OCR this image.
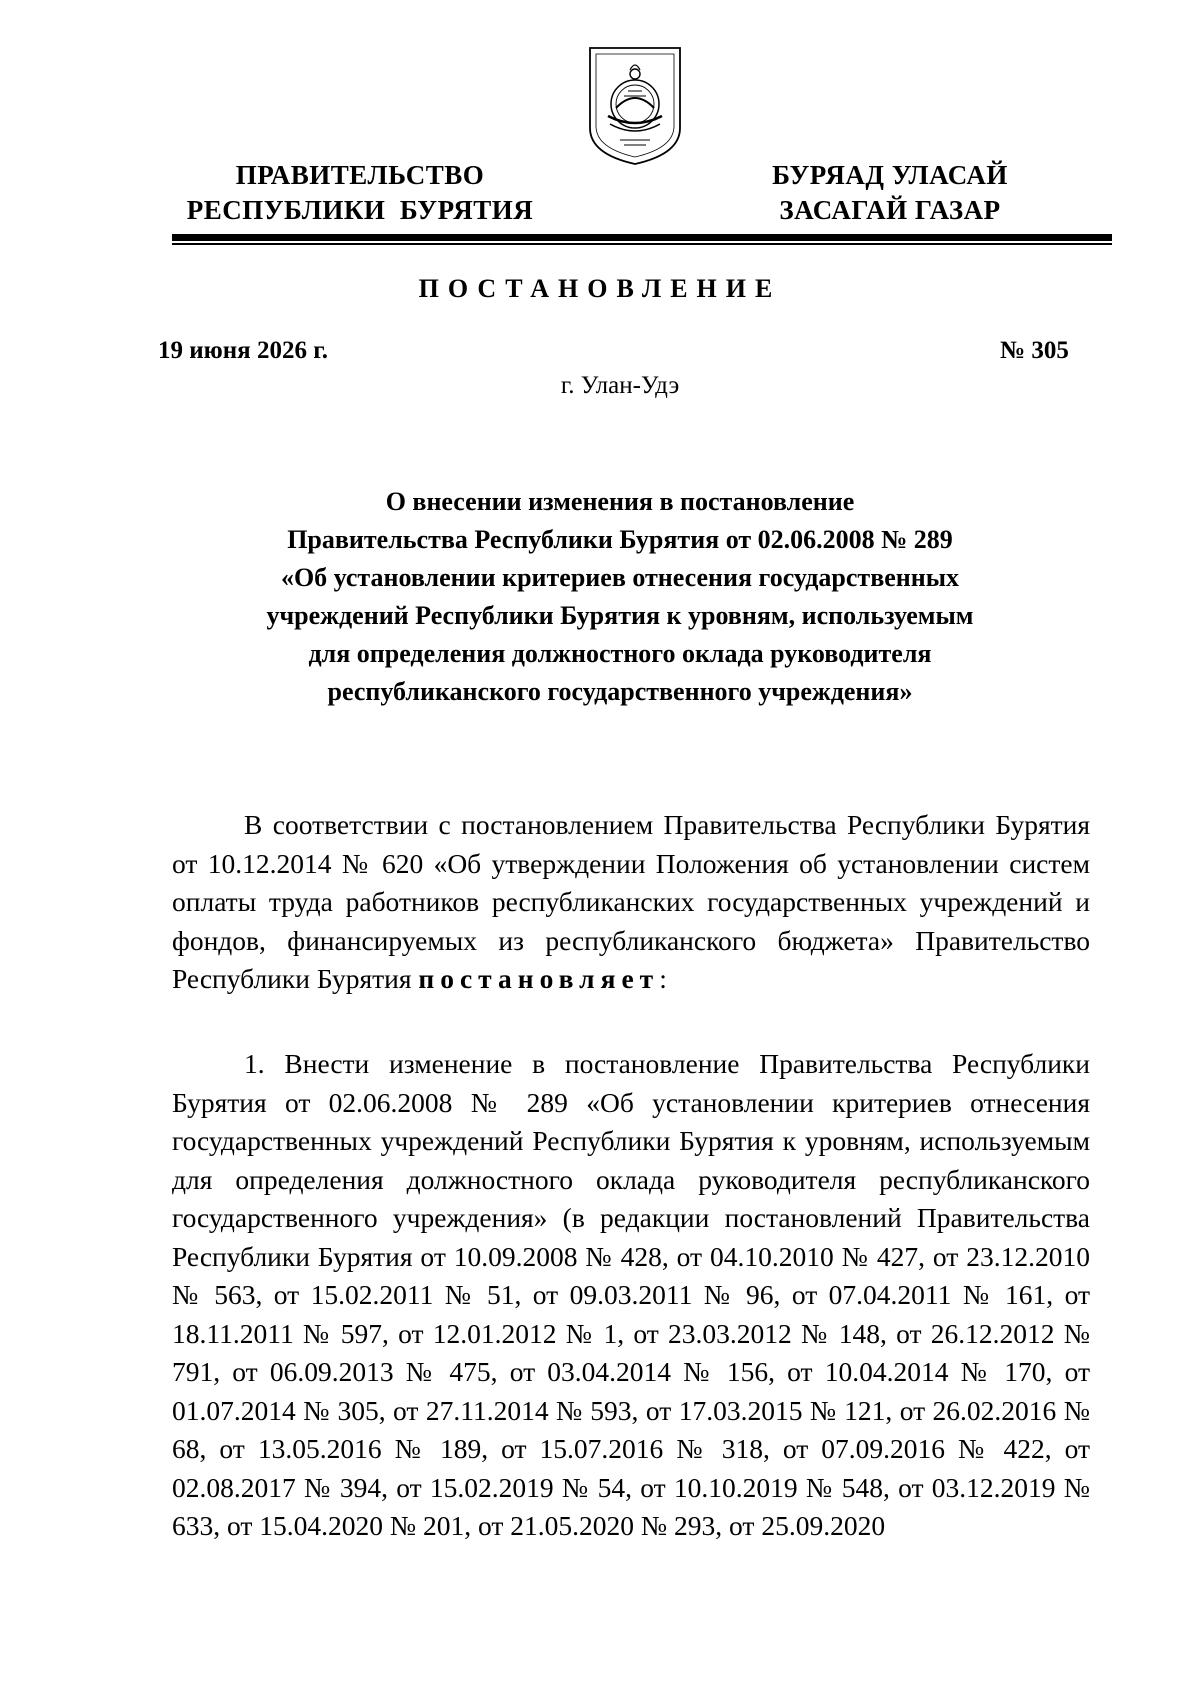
ПРАВИТЕЛЬСТВО
РЕСПУБЛИКИ  БУРЯТИЯ
БУРЯАД УЛАСАЙ
ЗАСАГАЙ ГАЗАР
ПОСТАНОВЛЕНИЕ
19 июня 2026 г.	№ 305
г. Улан-Удэ
О внесении изменения в постановление
Правительства Республики Бурятия от 02.06.2008 № 289
«Об установлении критериев отнесения государственных
учреждений Республики Бурятия к уровням, используемым
для определения должностного оклада руководителя
республиканского государственного учреждения»

В соответствии с постановлением Правительства Республики Бурятия от 10.12.2014 № 620 «Об утверждении Положения об установлении систем оплаты труда работников республиканских государственных учреждений и фондов, финансируемых из республиканского бюджета» Правительство Республики Бурятия постановляет:

1. Внести изменение в постановление Правительства Республики Бурятия от 02.06.2008 № 289 «Об установлении критериев отнесения государственных учреждений Республики Бурятия к уровням, используемым для определения должностного оклада руководителя республиканского государственного учреждения» (в редакции постановлений Правительства Республики Бурятия от 10.09.2008 № 428, от 04.10.2010 № 427, от 23.12.2010 № 563, от 15.02.2011 № 51, от 09.03.2011 № 96, от 07.04.2011 № 161, от 18.11.2011 № 597, от 12.01.2012 № 1, от 23.03.2012 № 148, от 26.12.2012 № 791, от 06.09.2013 № 475, от 03.04.2014 № 156, от 10.04.2014 № 170, от 01.07.2014 № 305, от 27.11.2014 № 593, от 17.03.2015 № 121, от 26.02.2016 № 68, от 13.05.2016 № 189, от 15.07.2016 № 318, от 07.09.2016 № 422, от 02.08.2017 № 394, от 15.02.2019 № 54, от 10.10.2019 № 548, от 03.12.2019 № 633, от 15.04.2020 № 201, от 21.05.2020 № 293, от 25.09.2020
